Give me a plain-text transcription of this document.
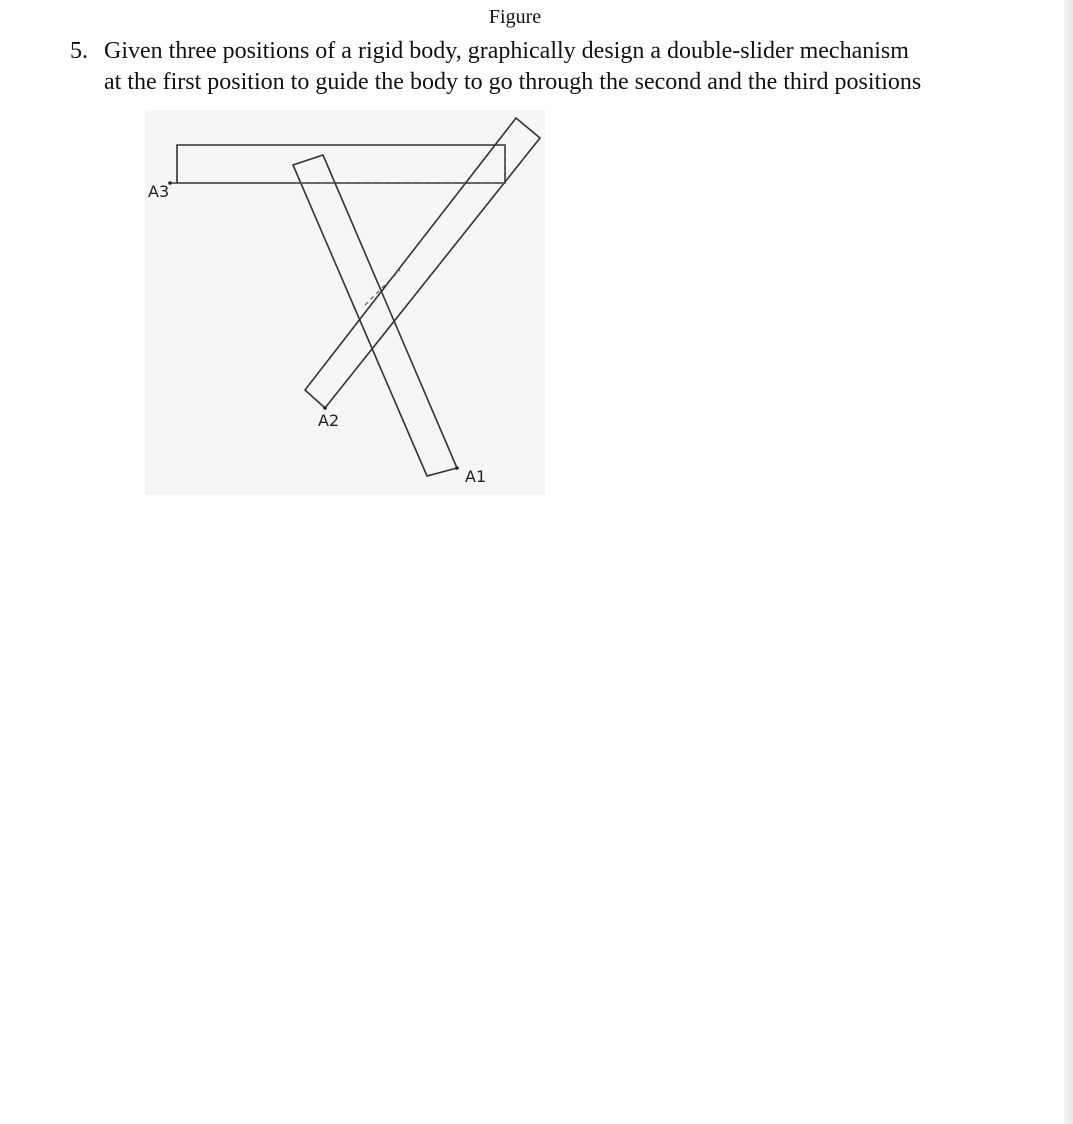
Figure
5. Given three positions of a rigid body, graphically design a double-slider mechanism
at the first position to guide the body to go through the second and the third positions
A3
A2
A1
